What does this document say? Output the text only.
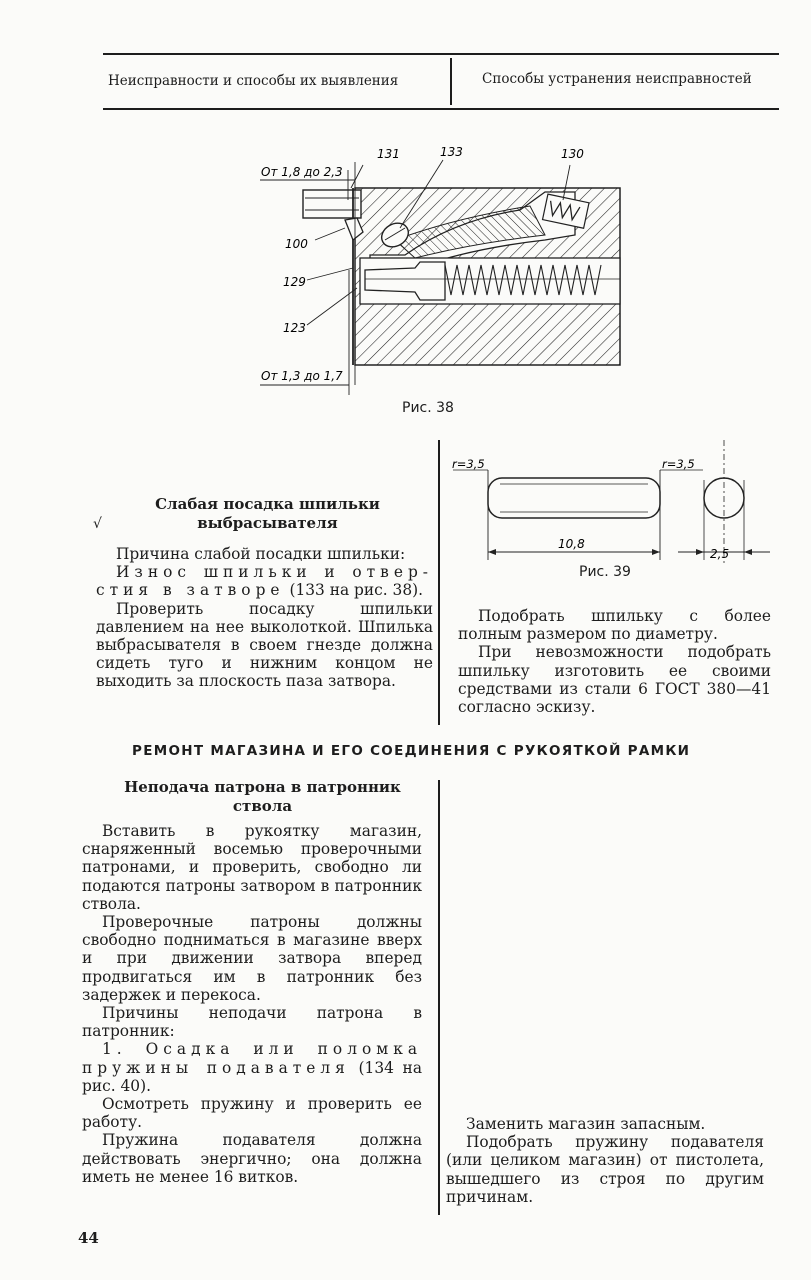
Неисправности и способы их выявления	Способы устранения неисправностей
От 1,8 до 2,3
131	133	130
100
129
123
От 1,3 до 1,7
Рис. 38
r=3,5	r=3,5
10,8
2,5
Рис. 39
Слабая посадка шпильки
выбрасывателя
√

Причина слабой посадки шпильки:

Износ шпильки и отвер-стия в затворе (133 на рис. 38).

Проверить посадку шпильки давлением на нее выколоткой. Шпилька выбрасывателя в своем гнезде должна сидеть туго и нижним концом не выходить за плоскость паза затвора.

Подобрать шпильку с более полным размером по диаметру.

При невозможности подобрать шпильку изготовить ее своими средствами из стали 6 ГОСТ 380—41 согласно эскизу.

РЕМОНТ МАГАЗИНА И ЕГО СОЕДИНЕНИЯ С РУКОЯТКОЙ РАМКИ
Неподача патрона в патронник
ствола

Вставить в рукоятку магазин, снаряженный восемью проверочными патронами, и проверить, свободно ли подаются патроны затвором в патронник ствола.

Проверочные патроны должны свободно подниматься в магазине вверх и при движении затвора вперед продвигаться им в патронник без задержек и перекоса.

Причины неподачи патрона в патронник:

1. Осадка или поломка пружины подавателя (134 на рис. 40).

Осмотреть пружину и проверить ее работу.

Пружина подавателя должна действовать энергично; она должна иметь не менее 16 витков.

Заменить магазин запасным.

Подобрать пружину подавателя (или целиком магазин) от пистолета, вышедшего из строя по другим причинам.

44
